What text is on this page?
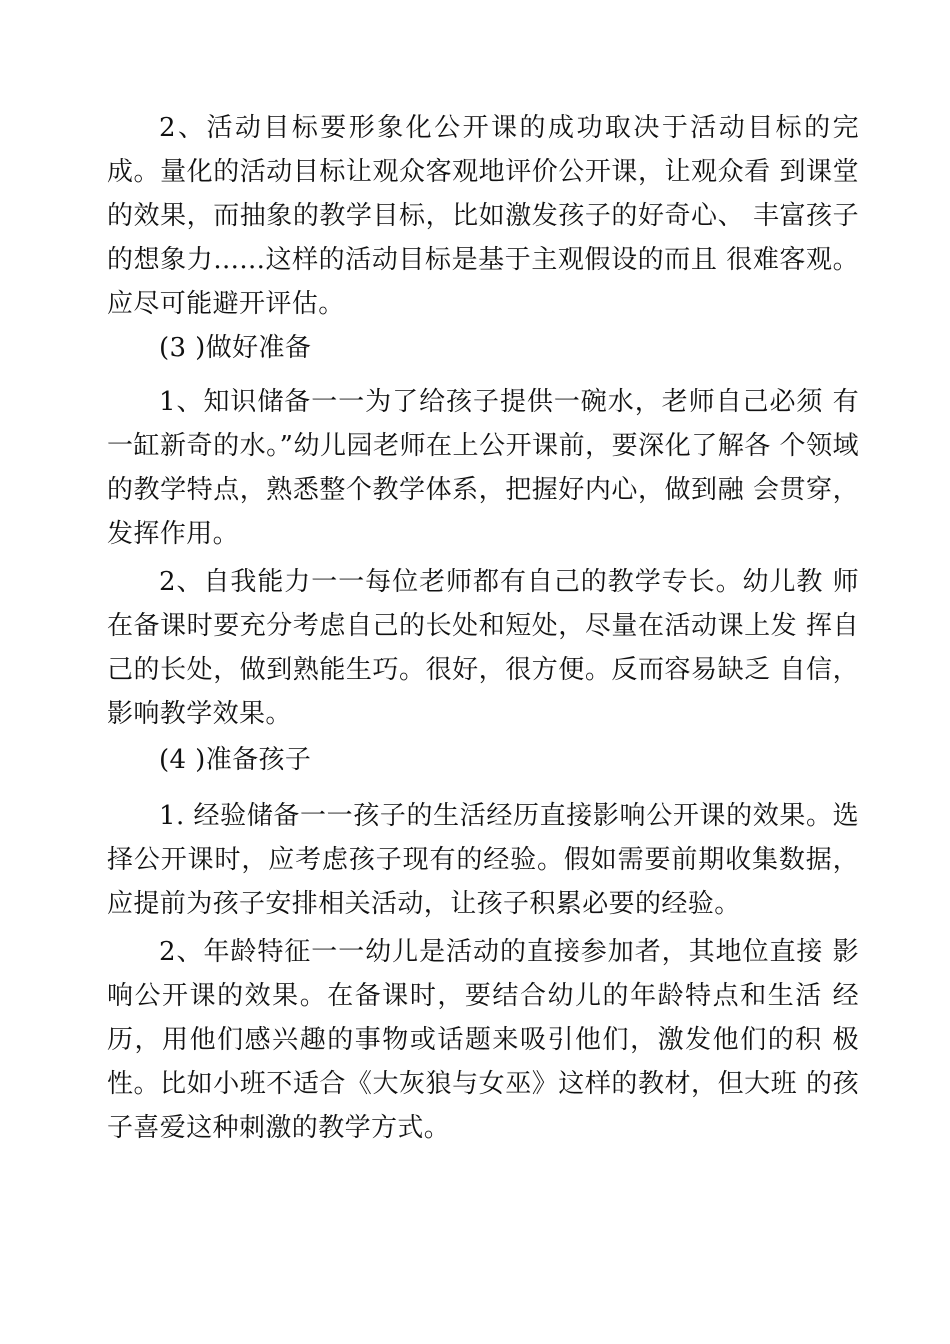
2、活动目标要形象化公开课的成功取决于活动目标的完成。量化的活动目标让观众客观地评价公开课，让观众看 到课堂的效果，而抽象的教学目标，比如激发孩子的好奇心、 丰富孩子的想象力......这样的活动目标是基于主观假设的而且 很难客观。应尽可能避开评估。

(3 )做好准备

1、知识储备一一为了给孩子提供一碗水，老师自己必须 有一缸新奇的水。”幼儿园老师在上公开课前，要深化了解各 个领域的教学特点，熟悉整个教学体系，把握好内心，做到融 会贯穿，发挥作用。

2、自我能力一一每位老师都有自己的教学专长。幼儿教 师在备课时要充分考虑自己的长处和短处，尽量在活动课上发 挥自己的长处，做到熟能生巧。很好，很方便。反而容易缺乏 自信，影响教学效果。

(4 )准备孩子

1. 经验储备一一孩子的生活经历直接影响公开课的效果。选择公开课时，应考虑孩子现有的经验。假如需要前期收集数据，应提前为孩子安排相关活动，让孩子积累必要的经验。

2、年龄特征一一幼儿是活动的直接参加者，其地位直接 影响公开课的效果。在备课时，要结合幼儿的年龄特点和生活 经历，用他们感兴趣的事物或话题来吸引他们，激发他们的积 极性。比如小班不适合《大灰狼与女巫》这样的教材，但大班 的孩子喜爱这种刺激的教学方式。
